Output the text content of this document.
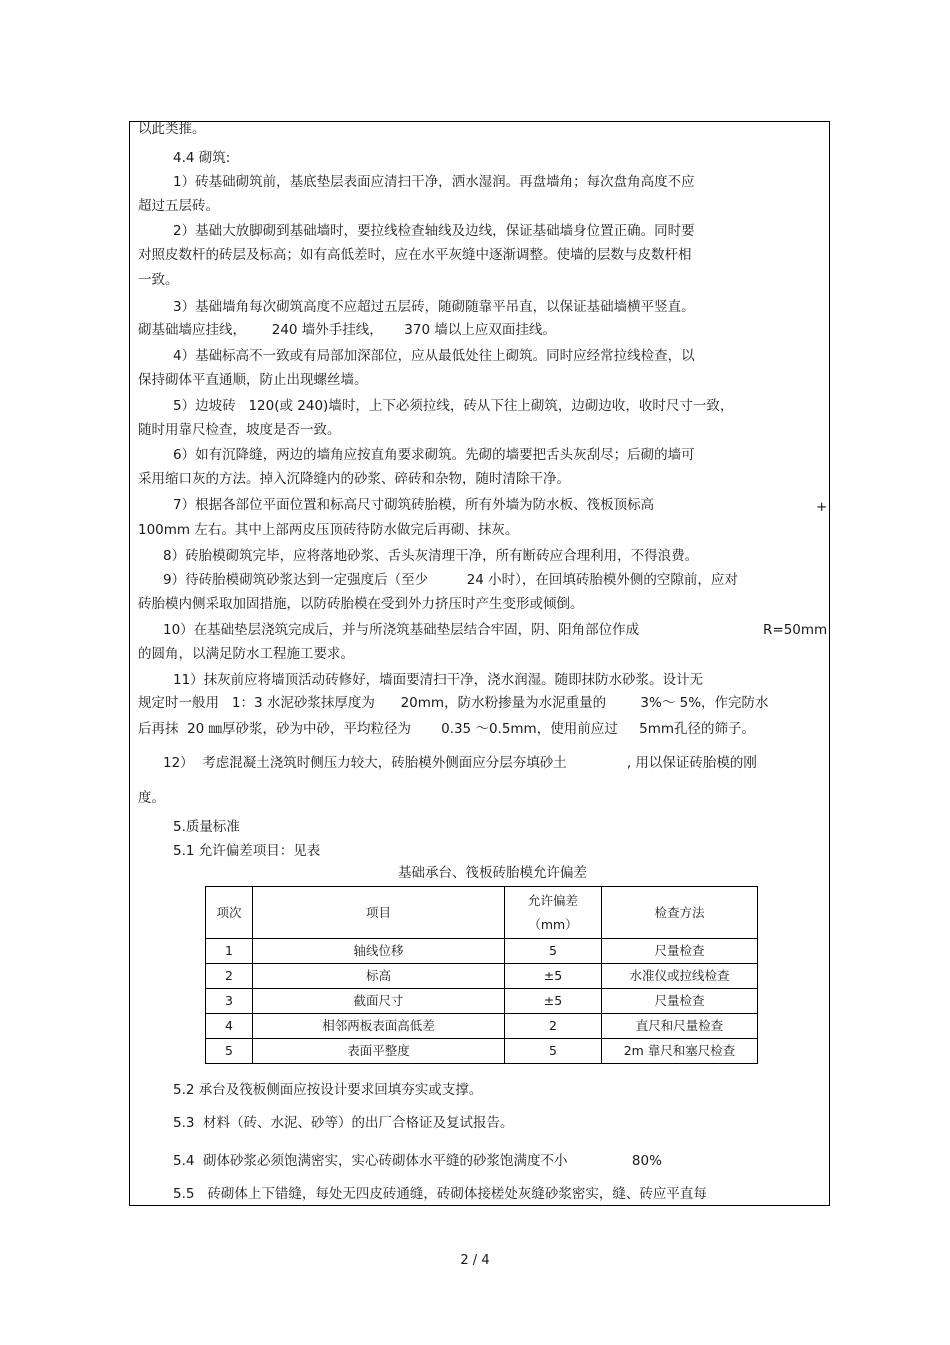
以此类推。

4.4 砌筑:

1）砖基础砌筑前，基底垫层表面应清扫干净，洒水湿润。再盘墙角；每次盘角高度不应

超过五层砖。

2）基础大放脚砌到基础墙时，要拉线检查轴线及边线，保证基础墙身位置正确。同时要

对照皮数杆的砖层及标高；如有高低差时，应在水平灰缝中逐渐调整。使墙的层数与皮数杆相

一致。

3）基础墙角每次砌筑高度不应超过五层砖，随砌随靠平吊直，以保证基础墙横平竖直。

砌基础墙应挂线，      240 墙外手挂线，     370 墙以上应双面挂线。

4）基础标高不一致或有局部加深部位，应从最低处往上砌筑。同时应经常拉线检查，以

保持砌体平直通顺，防止出现螺丝墙。

5）边坡砖   120(或 240)墙时，上下必须拉线，砖从下往上砌筑，边砌边收，收时尺寸一致，

随时用靠尺检查，坡度是否一致。

6）如有沉降缝，两边的墙角应按直角要求砌筑。先砌的墙要把舌头灰刮尽；后砌的墙可

采用缩口灰的方法。掉入沉降缝内的砂浆、碎砖和杂物，随时清除干净。

7）根据各部位平面位置和标高尺寸砌筑砖胎模，所有外墙为防水板、筏板顶标高	+

100mm 左右。其中上部两皮压顶砖待防水做完后再砌、抹灰。

8）砖胎模砌筑完毕，应将落地砂浆、舌头灰清理干净，所有断砖应合理利用，不得浪费。

9）待砖胎模砌筑砂浆达到一定强度后（至少         24 小时），在回填砖胎模外侧的空隙前，应对

砖胎模内侧采取加固措施，以防砖胎模在受到外力挤压时产生变形或倾倒。

10）在基础垫层浇筑完成后，并与所浇筑基础垫层结合牢固，阴、阳角部位作成	R=50mm

的圆角，以满足防水工程施工要求。

11）抹灰前应将墙顶活动砖修好，墙面要清扫干净，浇水润湿。随即抹防水砂浆。设计无

规定时一般用   1：3 水泥砂浆抹厚度为      20mm，防水粉掺量为水泥重量的        3%～ 5%，作完防水

后再抹  20 ㎜厚砂浆，砂为中砂，平均粒径为       0.35 ～0.5mm，使用前应过     5mm孔径的筛子。

12）  考虑混凝土浇筑时侧压力较大，砖胎模外侧面应分层夯填砂土              , 用以保证砖胎模的刚

度。

5.质量标准

5.1 允许偏差项目：见表

基础承台、筏板砖胎模允许偏差
项次	项目	允许偏差
（mm）	检查方法
1	轴线位移	5	尺量检查
2	标高	±5	水准仪或拉线检查
3	截面尺寸	±5	尺量检查
4	相邻两板表面高低差	2	直尺和尺量检查
5	表面平整度	5	2m 靠尺和塞尺检查

5.2 承台及筏板侧面应按设计要求回填夯实或支撑。

5.3  材料（砖、水泥、砂等）的出厂合格证及复试报告。

5.4  砌体砂浆必须饱满密实，实心砖砌体水平缝的砂浆饱满度不小               80%

5.5   砖砌体上下错缝，每处无四皮砖通缝，砖砌体接槎处灰缝砂浆密实，缝、砖应平直每

2 / 4
